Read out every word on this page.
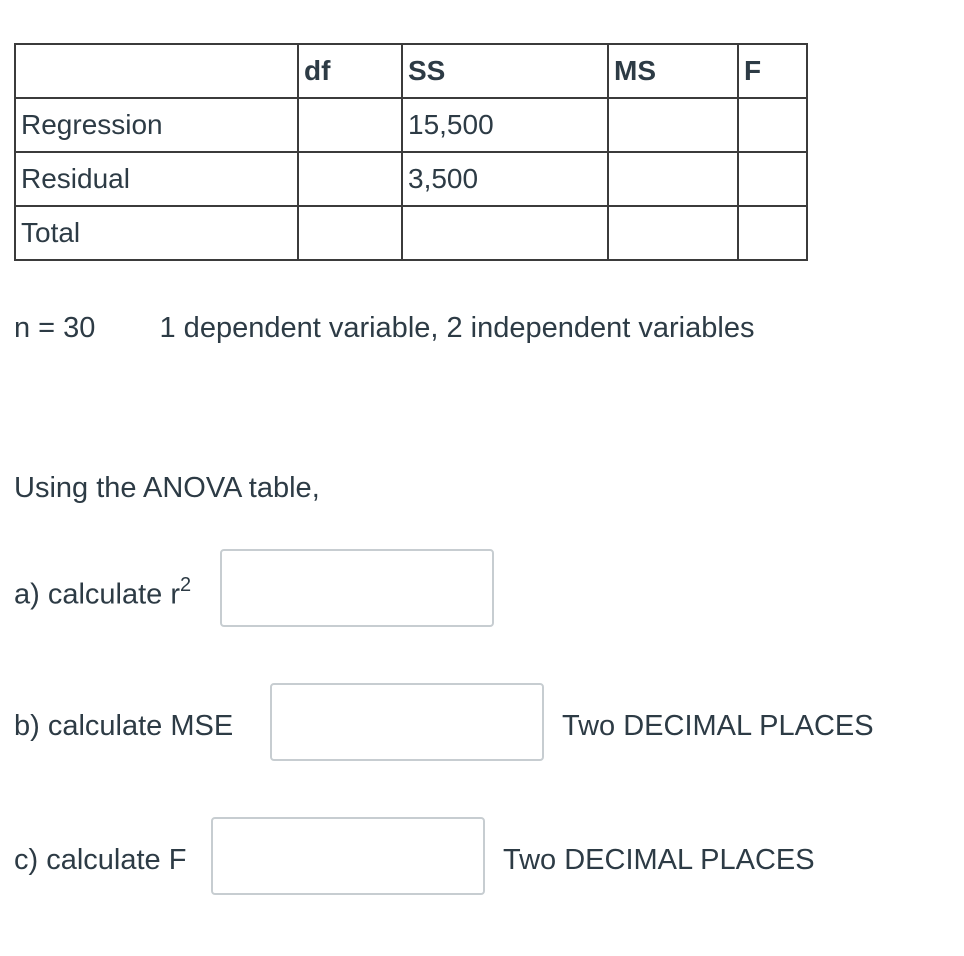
	df	SS	MS	F
Regression		15,500		
Residual		3,500		
Total				
n = 30 1 dependent variable, 2 independent variables
Using the ANOVA table,
a) calculate $r^2$
b) calculate MSE	Two DECIMAL PLACES
c) calculate F	Two DECIMAL PLACES
